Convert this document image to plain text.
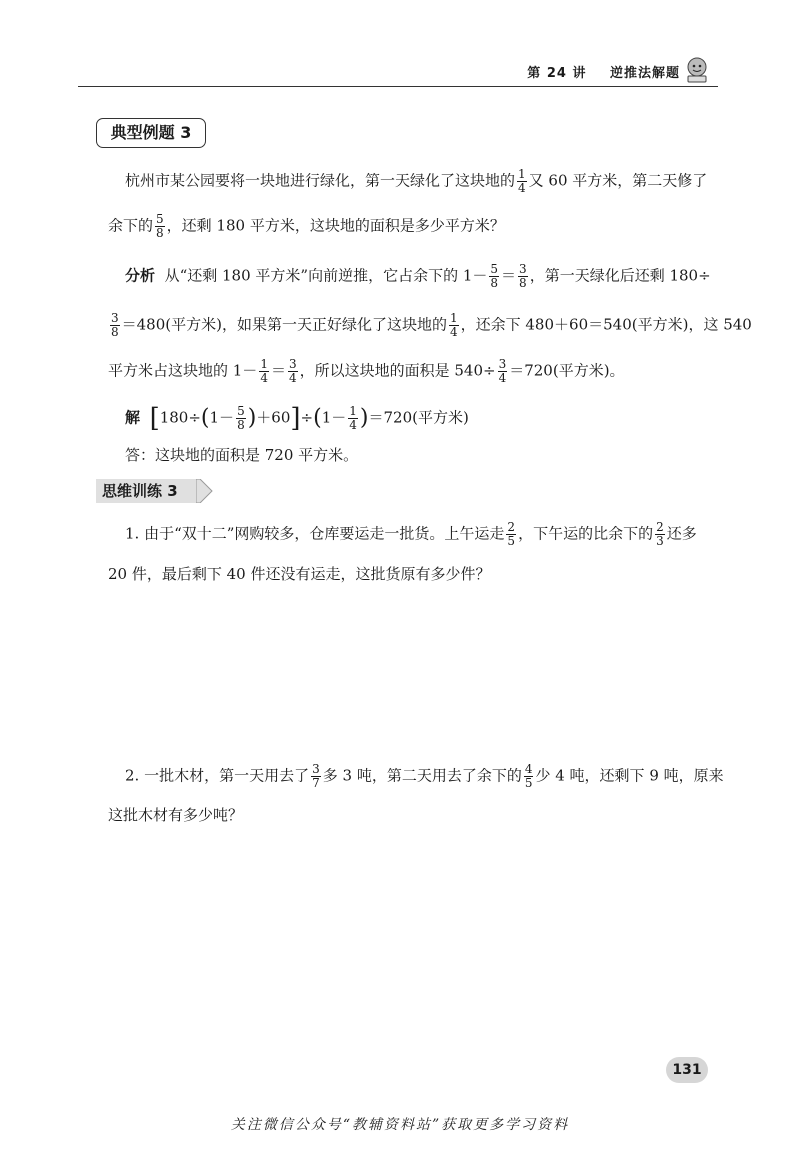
第 24 讲 逆推法解题
典型例题 3
杭州市某公园要将一块地进行绿化，第一天绿化了这块地的 $\frac{1}{4}$ 又 60 平方米，第二天修了
余下的 $\frac{5}{8}$ ，还剩 180 平方米，这块地的面积是多少平方米？
分析 从“还剩 180 平方米”向前逆推，它占余下的 $1- \frac{5}{8} = \frac{3}{8}$ ，第一天绿化后还剩 180÷
$\frac{3}{8} =480$(平方米)，如果第一天正好绿化了这块地的 $\frac{1}{4}$ ，还余下 480＋60＝540(平方米)，这 540
平方米占这块地的 $1- \frac{1}{4} = \frac{3}{4}$ ，所以这块地的面积是 $540\div \frac{3}{4} =720$(平方米)。
解 $[180\div(1- \frac{5}{8} )+60]\div(1- \frac{1}{4} )=720$(平方米)
答：这块地的面积是 720 平方米。
思维训练 3
1. 由于“双十二”网购较多，仓库要运走一批货。上午运走 $\frac{2}{5}$ ，下午运的比余下的 $\frac{2}{3}$ 还多
20 件，最后剩下 40 件还没有运走，这批货原有多少件？
2. 一批木材，第一天用去了 $\frac{3}{7}$ 多 3 吨，第二天用去了余下的 $\frac{4}{5}$ 少 4 吨，还剩下 9 吨，原来
这批木材有多少吨？
131
关注微信公众号“教辅资料站”获取更多学习资料
